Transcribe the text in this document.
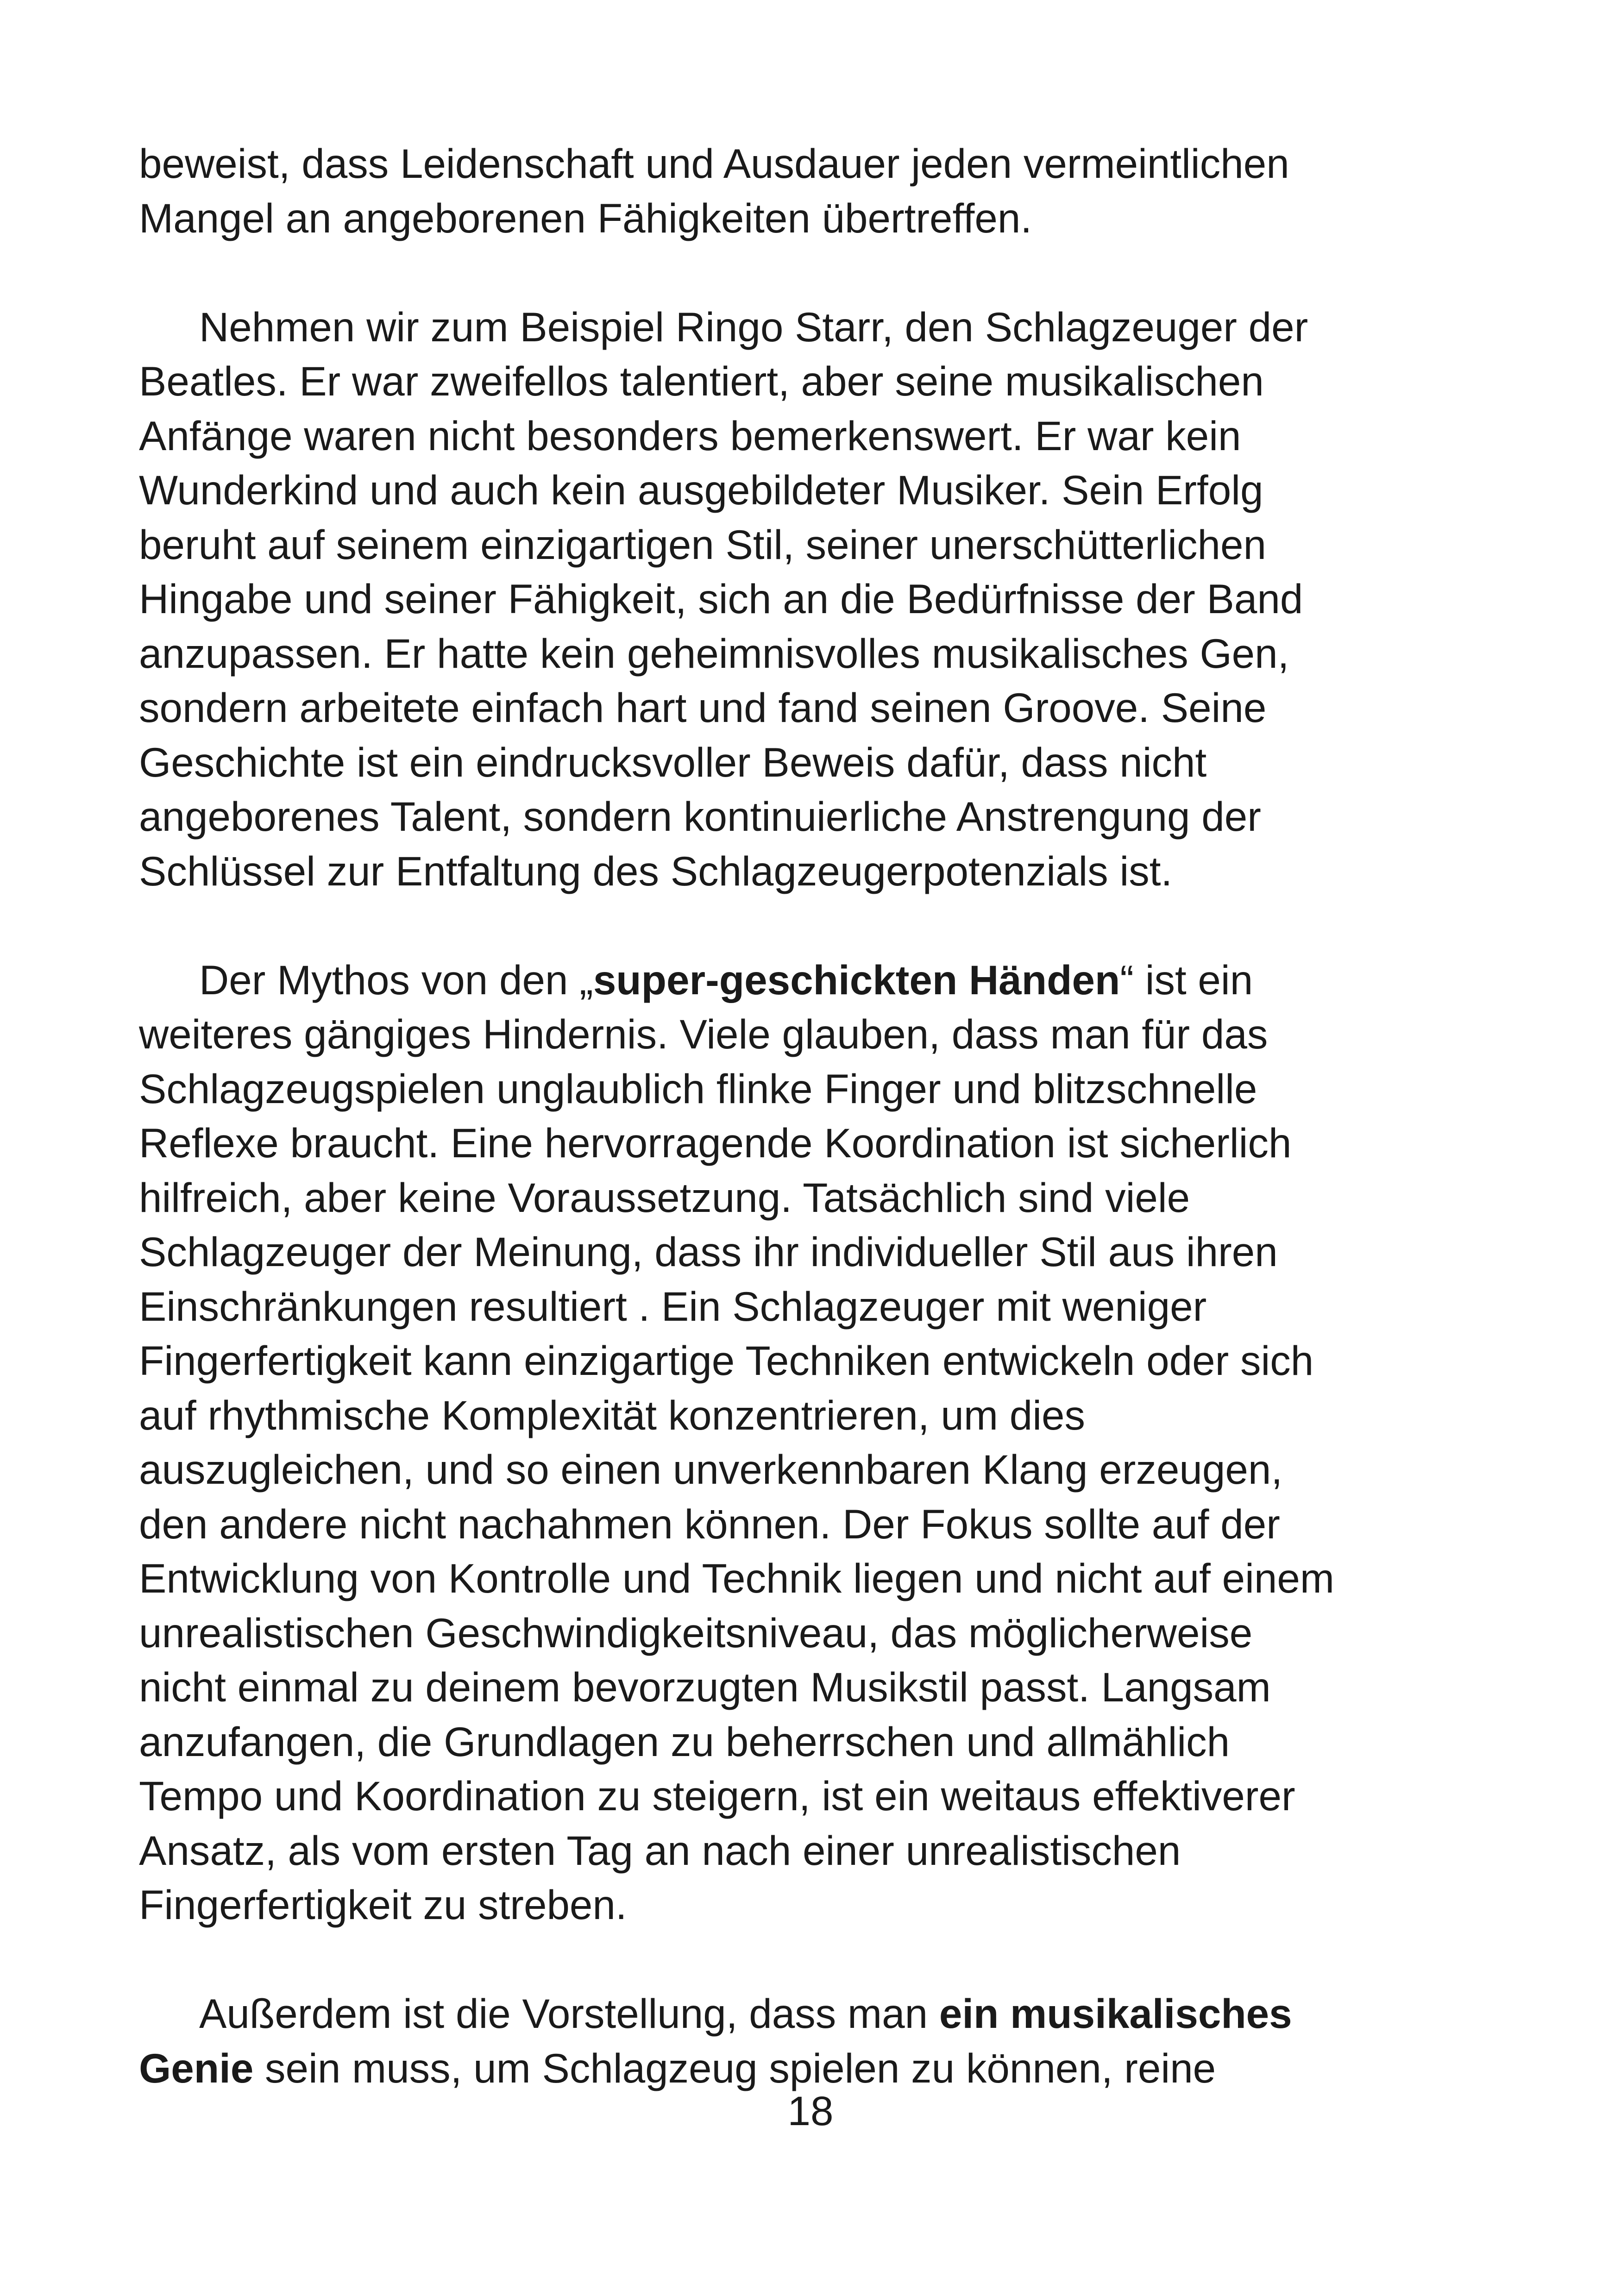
beweist, dass Leidenschaft und Ausdauer jeden vermeintlichen
Mangel an angeborenen Fähigkeiten übertreffen.

Nehmen wir zum Beispiel Ringo Starr, den Schlagzeuger der
Beatles. Er war zweifellos talentiert, aber seine musikalischen
Anfänge waren nicht besonders bemerkenswert. Er war kein
Wunderkind und auch kein ausgebildeter Musiker. Sein Erfolg
beruht auf seinem einzigartigen Stil, seiner unerschütterlichen
Hingabe und seiner Fähigkeit, sich an die Bedürfnisse der Band
anzupassen. Er hatte kein geheimnisvolles musikalisches Gen,
sondern arbeitete einfach hart und fand seinen Groove. Seine
Geschichte ist ein eindrucksvoller Beweis dafür, dass nicht
angeborenes Talent, sondern kontinuierliche Anstrengung der
Schlüssel zur Entfaltung des Schlagzeugerpotenzials ist.

Der Mythos von den „super-geschickten Händen“ ist ein
weiteres gängiges Hindernis. Viele glauben, dass man für das
Schlagzeugspielen unglaublich flinke Finger und blitzschnelle
Reflexe braucht. Eine hervorragende Koordination ist sicherlich
hilfreich, aber keine Voraussetzung. Tatsächlich sind viele
Schlagzeuger der Meinung, dass ihr individueller Stil aus ihren
Einschränkungen resultiert . Ein Schlagzeuger mit weniger
Fingerfertigkeit kann einzigartige Techniken entwickeln oder sich
auf rhythmische Komplexität konzentrieren, um dies
auszugleichen, und so einen unverkennbaren Klang erzeugen,
den andere nicht nachahmen können. Der Fokus sollte auf der
Entwicklung von Kontrolle und Technik liegen und nicht auf einem
unrealistischen Geschwindigkeitsniveau, das möglicherweise
nicht einmal zu deinem bevorzugten Musikstil passt. Langsam
anzufangen, die Grundlagen zu beherrschen und allmählich
Tempo und Koordination zu steigern, ist ein weitaus effektiverer
Ansatz, als vom ersten Tag an nach einer unrealistischen
Fingerfertigkeit zu streben.

Außerdem ist die Vorstellung, dass man ein musikalisches
Genie sein muss, um Schlagzeug spielen zu können, reine

18
